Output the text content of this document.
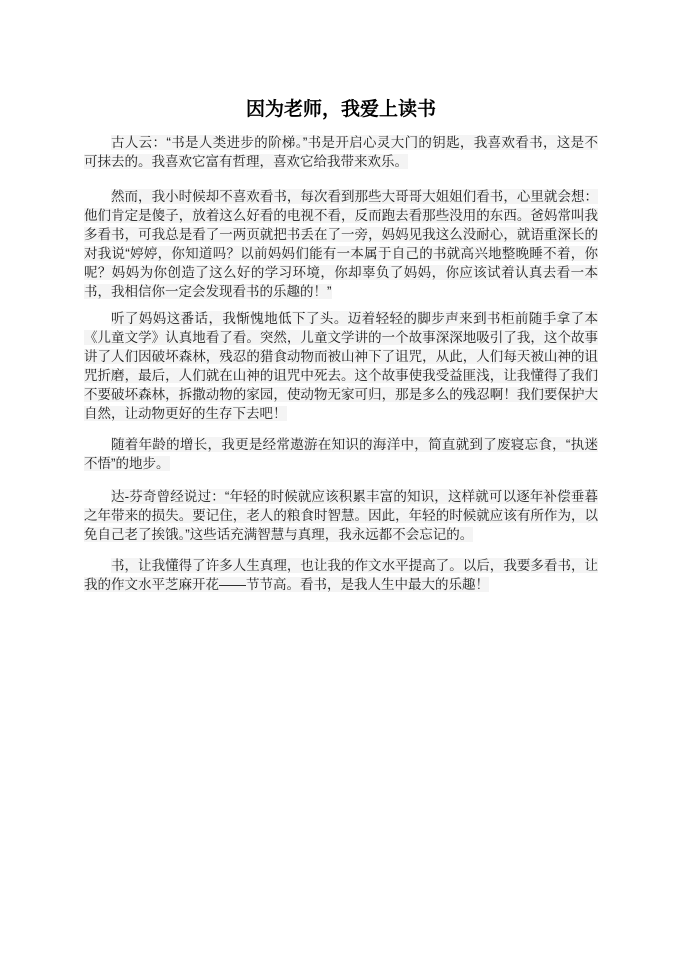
因为老师，我爱上读书

古人云：“书是人类进步的阶梯。”书是开启心灵大门的钥匙，我喜欢看书，这是不可抹去的。我喜欢它富有哲理，喜欢它给我带来欢乐。

然而，我小时候却不喜欢看书，每次看到那些大哥哥大姐姐们看书，心里就会想：他们肯定是傻子，放着这么好看的电视不看，反而跑去看那些没用的东西。爸妈常叫我多看书，可我总是看了一两页就把书丢在了一旁，妈妈见我这么没耐心，就语重深长的对我说“婷婷，你知道吗？以前妈妈们能有一本属于自己的书就高兴地整晚睡不着，你呢？妈妈为你创造了这么好的学习环境，你却辜负了妈妈，你应该试着认真去看一本书，我相信你一定会发现看书的乐趣的！”

听了妈妈这番话，我惭愧地低下了头。迈着轻轻的脚步声来到书柜前随手拿了本《儿童文学》认真地看了看。突然，儿童文学讲的一个故事深深地吸引了我，这个故事讲了人们因破坏森林，残忍的猎食动物而被山神下了诅咒，从此，人们每天被山神的诅咒折磨，最后，人们就在山神的诅咒中死去。这个故事使我受益匪浅，让我懂得了我们不要破坏森林，拆撒动物的家园，使动物无家可归，那是多么的残忍啊！我们要保护大自然，让动物更好的生存下去吧！

随着年龄的增长，我更是经常遨游在知识的海洋中，简直就到了废寝忘食，“执迷不悟”的地步。

达-芬奇曾经说过：“年轻的时候就应该积累丰富的知识，这样就可以逐年补偿垂暮之年带来的损失。要记住，老人的粮食时智慧。因此，年轻的时候就应该有所作为，以免自己老了挨饿。”这些话充满智慧与真理，我永远都不会忘记的。

书，让我懂得了许多人生真理，也让我的作文水平提高了。以后，我要多看书，让我的作文水平芝麻开花——节节高。看书，是我人生中最大的乐趣！
